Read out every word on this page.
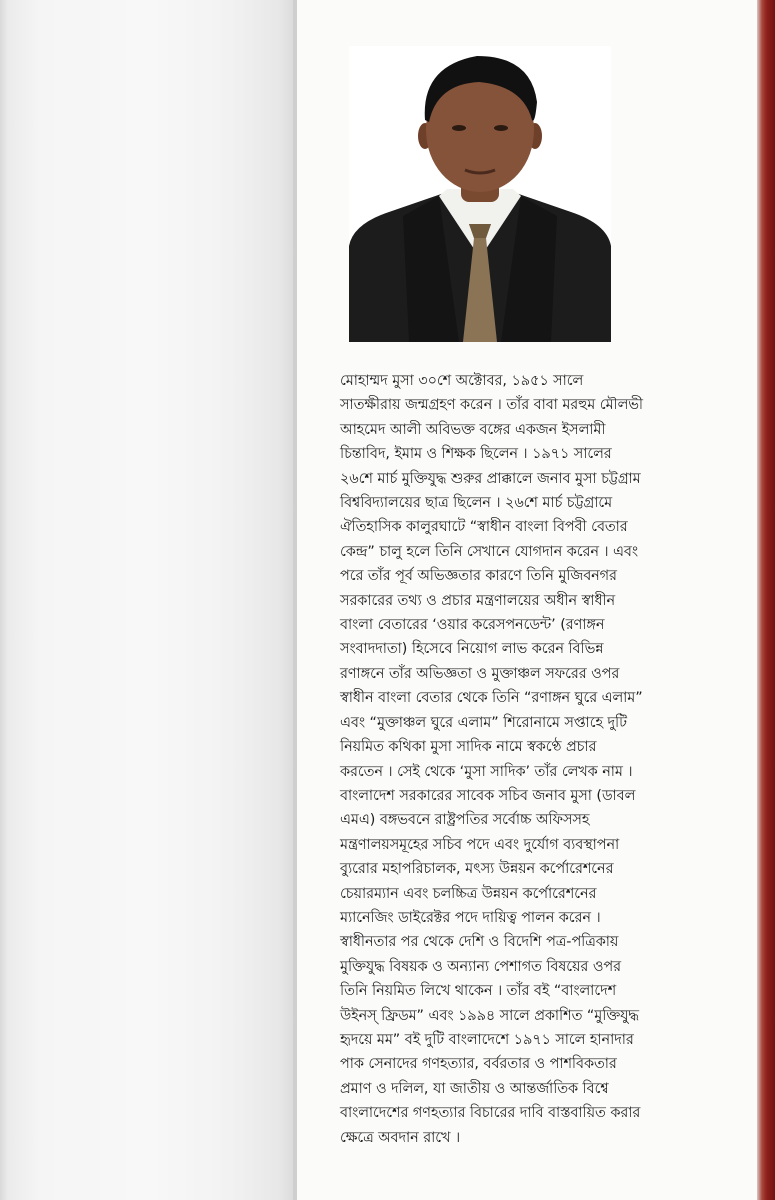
মোহাম্মদ মুসা ৩০শে অক্টোবর, ১৯৫১ সালে
সাতক্ষীরায় জন্মগ্রহণ করেন । তাঁর বাবা মরহুম মৌলভী
আহমেদ আলী অবিভক্ত বঙ্গের একজন ইসলামী
চিন্তাবিদ, ইমাম ও শিক্ষক ছিলেন । ১৯৭১ সালের
২৬শে মার্চ মুক্তিযুদ্ধ শুরুর প্রাক্কালে জনাব মুসা চট্টগ্রাম
বিশ্ববিদ্যালয়ের ছাত্র ছিলেন । ২৬শে মার্চ চট্টগ্রামে
ঐতিহাসিক কালুরঘাটে “স্বাধীন বাংলা বিপবী বেতার
কেন্দ্র” চালু হলে তিনি সেখানে যোগদান করেন । এবং
পরে তাঁর পূর্ব অভিজ্ঞতার কারণে তিনি মুজিবনগর
সরকারের তথ্য ও প্রচার মন্ত্রণালয়ের অধীন স্বাধীন
বাংলা বেতারের ‘ওয়ার করেসপনডেন্ট’ (রণাঙ্গন
সংবাদদাতা) হিসেবে নিয়োগ লাভ করেন বিভিন্ন
রণাঙ্গনে তাঁর অভিজ্ঞতা ও মুক্তাঞ্চল সফরের ওপর
স্বাধীন বাংলা বেতার থেকে তিনি “রণাঙ্গন ঘুরে এলাম”
এবং “মুক্তাঞ্চল ঘুরে এলাম” শিরোনামে সপ্তাহে দুটি
নিয়মিত কথিকা মুসা সাদিক নামে স্বকণ্ঠে প্রচার
করতেন । সেই থেকে ‘মুসা সাদিক’ তাঁর লেখক নাম ।
বাংলাদেশ সরকারের সাবেক সচিব জনাব মুসা (ডাবল
এমএ) বঙ্গভবনে রাষ্ট্রপতির সর্বোচ্চ অফিসসহ
মন্ত্রণালয়সমূহের সচিব পদে এবং দুর্যোগ ব্যবস্থাপনা
ব্যুরোর মহাপরিচালক, মৎস্য উন্নয়ন কর্পোরেশনের
চেয়ারম্যান এবং চলচ্চিত্র উন্নয়ন কর্পোরেশনের
ম্যানেজিং ডাইরেক্টর পদে দায়িত্ব পালন করেন ।
স্বাধীনতার পর থেকে দেশি ও বিদেশি পত্র-পত্রিকায়
মুক্তিযুদ্ধ বিষয়ক ও অন্যান্য পেশাগত বিষয়ের ওপর
তিনি নিয়মিত লিখে থাকেন । তাঁর বই “বাংলাদেশ
উইনস্‌ ফ্রিডম” এবং ১৯৯৪ সালে প্রকাশিত “মুক্তিযুদ্ধ
হৃদয়ে মম” বই দুটি বাংলাদেশে ১৯৭১ সালে হানাদার
পাক সেনাদের গণহত্যার, বর্বরতার ও পাশবিকতার
প্রমাণ ও দলিল, যা জাতীয় ও আন্তর্জাতিক বিশ্বে
বাংলাদেশের গণহত্যার বিচারের দাবি বাস্তবায়িত করার
ক্ষেত্রে অবদান রাখে ।
